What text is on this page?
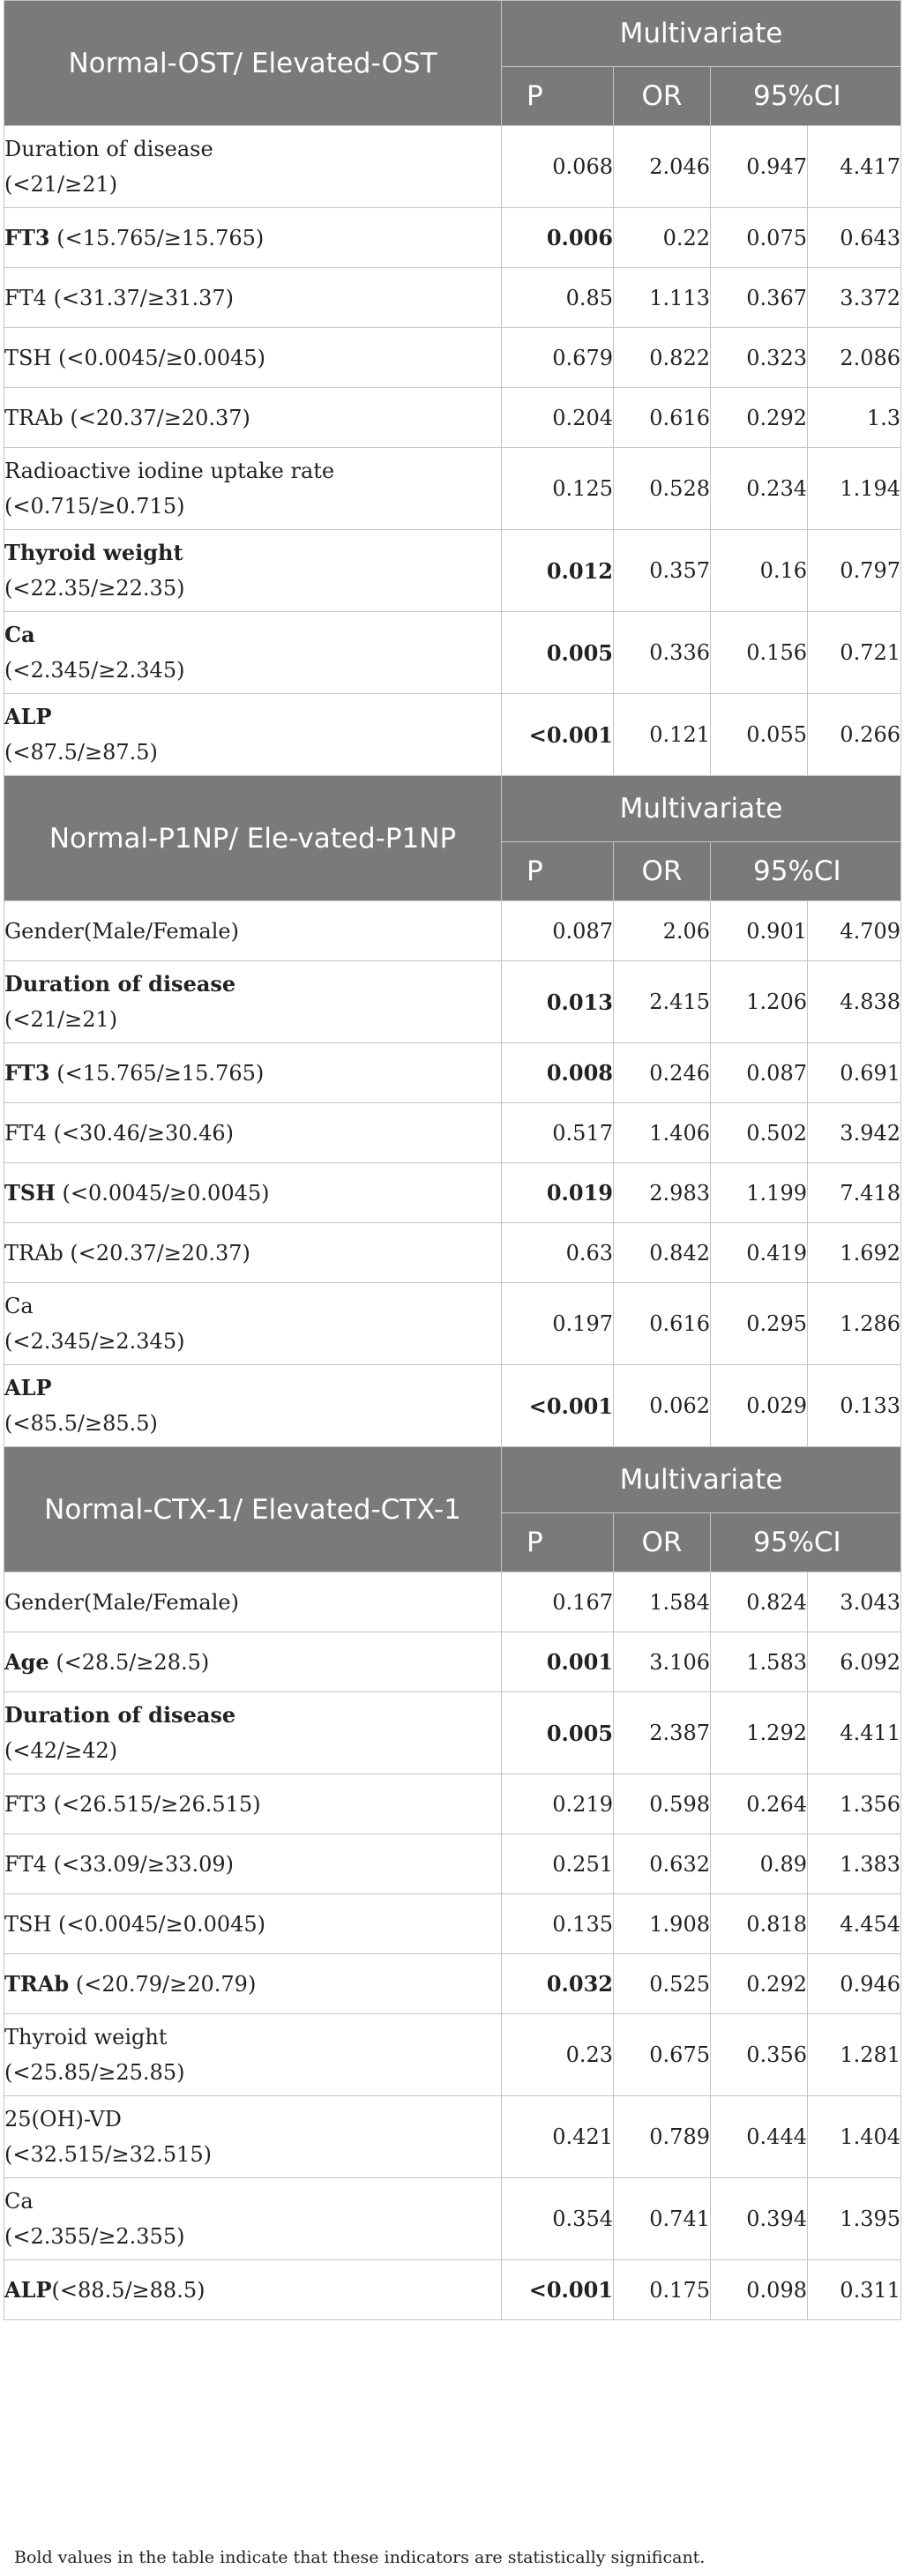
Normal-OST/ Elevated-OST	Multivariate			
	P	OR	95%CI	
Duration of disease
(<21/≥21)	0.068	2.046	0.947	4.417
FT3 (<15.765/≥15.765)	0.006	0.22	0.075	0.643
FT4 (<31.37/≥31.37)	0.85	1.113	0.367	3.372
TSH (<0.0045/≥0.0045)	0.679	0.822	0.323	2.086
TRAb (<20.37/≥20.37)	0.204	0.616	0.292	1.3
Radioactive iodine uptake rate
(<0.715/≥0.715)	0.125	0.528	0.234	1.194
Thyroid weight
(<22.35/≥22.35)	0.012	0.357	0.16	0.797
Ca
(<2.345/≥2.345)	0.005	0.336	0.156	0.721
ALP
(<87.5/≥87.5)	<0.001	0.121	0.055	0.266
Normal-P1NP/ Ele-vated-P1NP	Multivariate			
	P	OR	95%CI	
Gender(Male/Female)	0.087	2.06	0.901	4.709
Duration of disease
(<21/≥21)	0.013	2.415	1.206	4.838
FT3 (<15.765/≥15.765)	0.008	0.246	0.087	0.691
FT4 (<30.46/≥30.46)	0.517	1.406	0.502	3.942
TSH (<0.0045/≥0.0045)	0.019	2.983	1.199	7.418
TRAb (<20.37/≥20.37)	0.63	0.842	0.419	1.692
Ca
(<2.345/≥2.345)	0.197	0.616	0.295	1.286
ALP
(<85.5/≥85.5)	<0.001	0.062	0.029	0.133
Normal-CTX-1/ Elevated-CTX-1	Multivariate			
	P	OR	95%CI	
Gender(Male/Female)	0.167	1.584	0.824	3.043
Age (<28.5/≥28.5)	0.001	3.106	1.583	6.092
Duration of disease
(<42/≥42)	0.005	2.387	1.292	4.411
FT3 (<26.515/≥26.515)	0.219	0.598	0.264	1.356
FT4 (<33.09/≥33.09)	0.251	0.632	0.89	1.383
TSH (<0.0045/≥0.0045)	0.135	1.908	0.818	4.454
TRAb (<20.79/≥20.79)	0.032	0.525	0.292	0.946
Thyroid weight
(<25.85/≥25.85)	0.23	0.675	0.356	1.281
25(OH)-VD
(<32.515/≥32.515)	0.421	0.789	0.444	1.404
Ca
(<2.355/≥2.355)	0.354	0.741	0.394	1.395
ALP(<88.5/≥88.5)	<0.001	0.175	0.098	0.311
Bold values in the table indicate that these indicators are statistically significant.
